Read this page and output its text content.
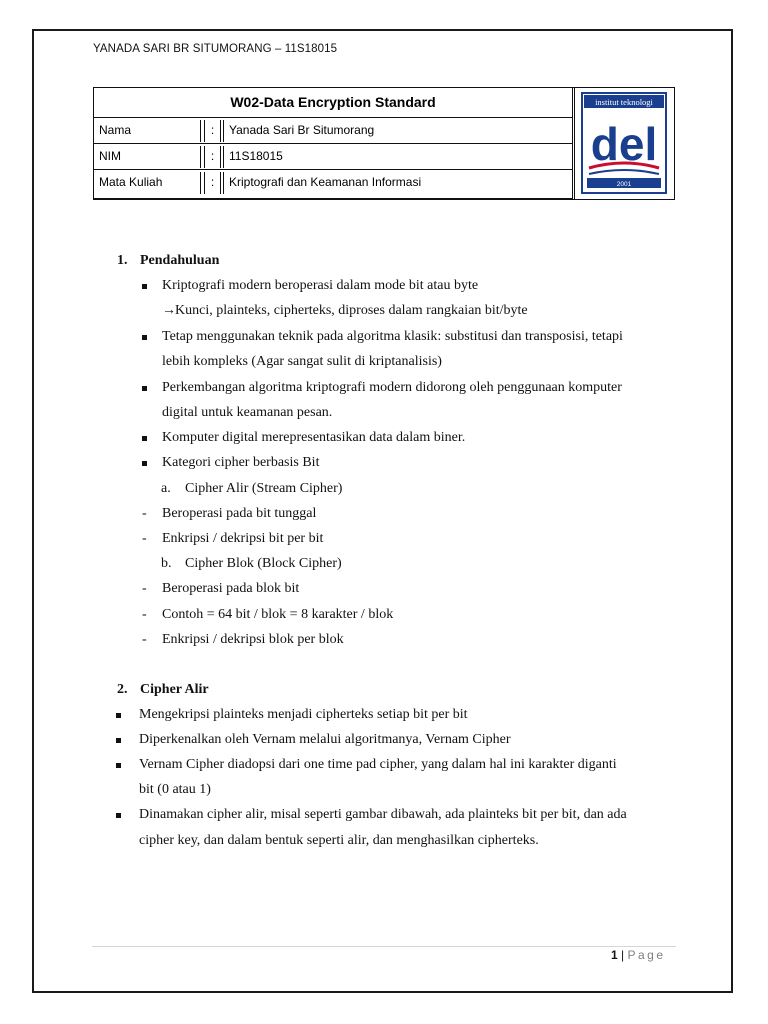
YANADA SARI BR SITUMORANG – 11S18015
W02-Data Encryption Standard
Nama	:	Yanada Sari Br Situmorang
NIM	:	11S18015
Mata Kuliah	:	Kriptografi dan Keamanan Informasi
institut teknologi
del
2001
1. Pendahuluan
Kriptografi modern beroperasi dalam mode bit atau byte
→ Kunci, plainteks, cipherteks, diproses dalam rangkaian bit/byte
Tetap menggunakan teknik pada algoritma klasik: substitusi dan transposisi, tetapi
lebih kompleks (Agar sangat sulit di kriptanalisis)
Perkembangan algoritma kriptografi modern didorong oleh penggunaan komputer
digital untuk keamanan pesan.
Komputer digital merepresentasikan data dalam biner.
Kategori cipher berbasis Bit
a. Cipher Alir (Stream Cipher)
- Beroperasi pada bit tunggal
- Enkripsi / dekripsi bit per bit
b. Cipher Blok (Block Cipher)
- Beroperasi pada blok bit
- Contoh = 64 bit / blok = 8 karakter / blok
- Enkripsi / dekripsi blok per blok
2. Cipher Alir
Mengekripsi plainteks menjadi cipherteks setiap bit per bit
Diperkenalkan oleh Vernam melalui algoritmanya, Vernam Cipher
Vernam Cipher diadopsi dari one time pad cipher, yang dalam hal ini karakter diganti
bit (0 atau 1)
Dinamakan cipher alir, misal seperti gambar dibawah, ada plainteks bit per bit, dan ada
cipher key, dan dalam bentuk seperti alir, dan menghasilkan cipherteks.
1 | Page
